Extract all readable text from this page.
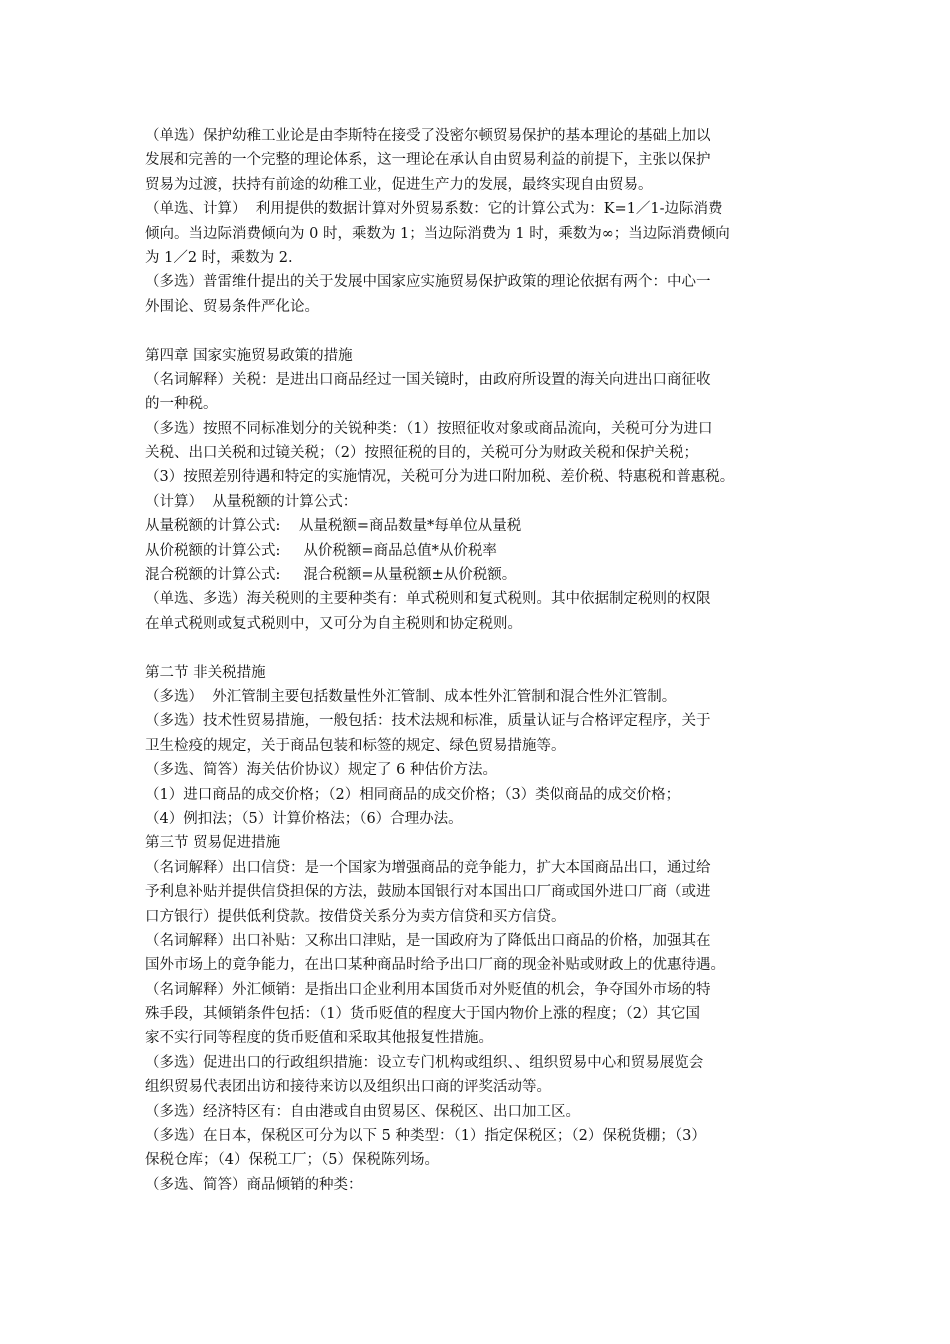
（单选）保护幼稚工业论是由李斯特在接受了没密尔顿贸易保护的基本理论的基础上加以
发展和完善的一个完整的理论体系，这一理论在承认自由贸易利益的前提下，主张以保护
贸易为过渡，扶持有前途的幼稚工业，促进生产力的发展，最终实现自由贸易。
（单选、计算）  利用提供的数据计算对外贸易系数：它的计算公式为：K=1／1-边际消费
倾向。当边际消费倾向为 0 时，乘数为 1；当边际消费为 1 时，乘数为∞；当边际消费倾向
为 1／2 时，乘数为 2.
（多选）普雷维什提出的关于发展中国家应实施贸易保护政策的理论依据有两个：中心一
外围论、贸易条件严化论。
第四章 国家实施贸易政策的措施
（名词解释）关税：是进出口商品经过一国关镜时，由政府所设置的海关向进出口商征收
的一种税。
（多选）按照不同标准划分的关锐种类：（1）按照征收对象或商品流向，关税可分为进口
关税、出口关税和过镜关税；（2）按照征税的目的，关税可分为财政关税和保护关税；
（3）按照差别待遇和特定的实施情况，关税可分为进口附加税、差价税、特惠税和普惠税。
（计算）  从量税额的计算公式：
从量税额的计算公式:    从量税额=商品数量*每单位从量税
从价税额的计算公式:     从价税额=商品总值*从价税率
混合税额的计算公式:     混合税额=从量税额±从价税额。
（单选、多选）海关税则的主要种类有：单式税则和复式税则。其中依据制定税则的权限
在单式税则或复式税则中，又可分为自主税则和协定税则。
第二节 非关税措施
（多选）  外汇管制主要包括数量性外汇管制、成本性外汇管制和混合性外汇管制。
（多选）技术性贸易措施，一般包括：技术法规和标准，质量认证与合格评定程序，关于
卫生检疫的规定，关于商品包装和标签的规定、绿色贸易措施等。
（多选、简答）海关估价协议）规定了 6 种估价方法。
（1）进口商品的成交价格；（2）相同商品的成交价格；（3）类似商品的成交价格；
（4）例扣法；（5）计算价格法；（6）合理办法。
第三节 贸易促进措施
（名词解释）出口信贷：是一个国家为增强商品的竞争能力，扩大本国商品出口，通过给
予利息补贴并提供信贷担保的方法，鼓励本国银行对本国出口厂商或国外进口厂商（或进
口方银行）提供低利贷款。按借贷关系分为卖方信贷和买方信贷。
（名词解释）出口补贴：又称出口津贴，是一国政府为了降低出口商品的价格，加强其在
国外市场上的竟争能力，在出口某种商品时给予出口厂商的现金补贴或财政上的优惠待遇。
（名词解释）外汇倾销：是指出口企业利用本国货币对外贬值的机会，争夺国外市场的特
殊手段，其倾销条件包括：（1）货币贬值的程度大于国内物价上涨的程度；（2）其它国
家不实行同等程度的货币贬值和采取其他报复性措施。
（多选）促进出口的行政组织措施：设立专门机构或组织、、组织贸易中心和贸易展览会
组织贸易代表团出访和接待来访以及组织出口商的评奖活动等。
（多选）经济特区有：自由港或自由贸易区、保税区、出口加工区。
（多选）在日本，保税区可分为以下 5 种类型：（1）指定保税区；（2）保税货棚；（3）
保税仓库；（4）保税工厂；（5）保税陈列场。
（多选、简答）商品倾销的种类：
